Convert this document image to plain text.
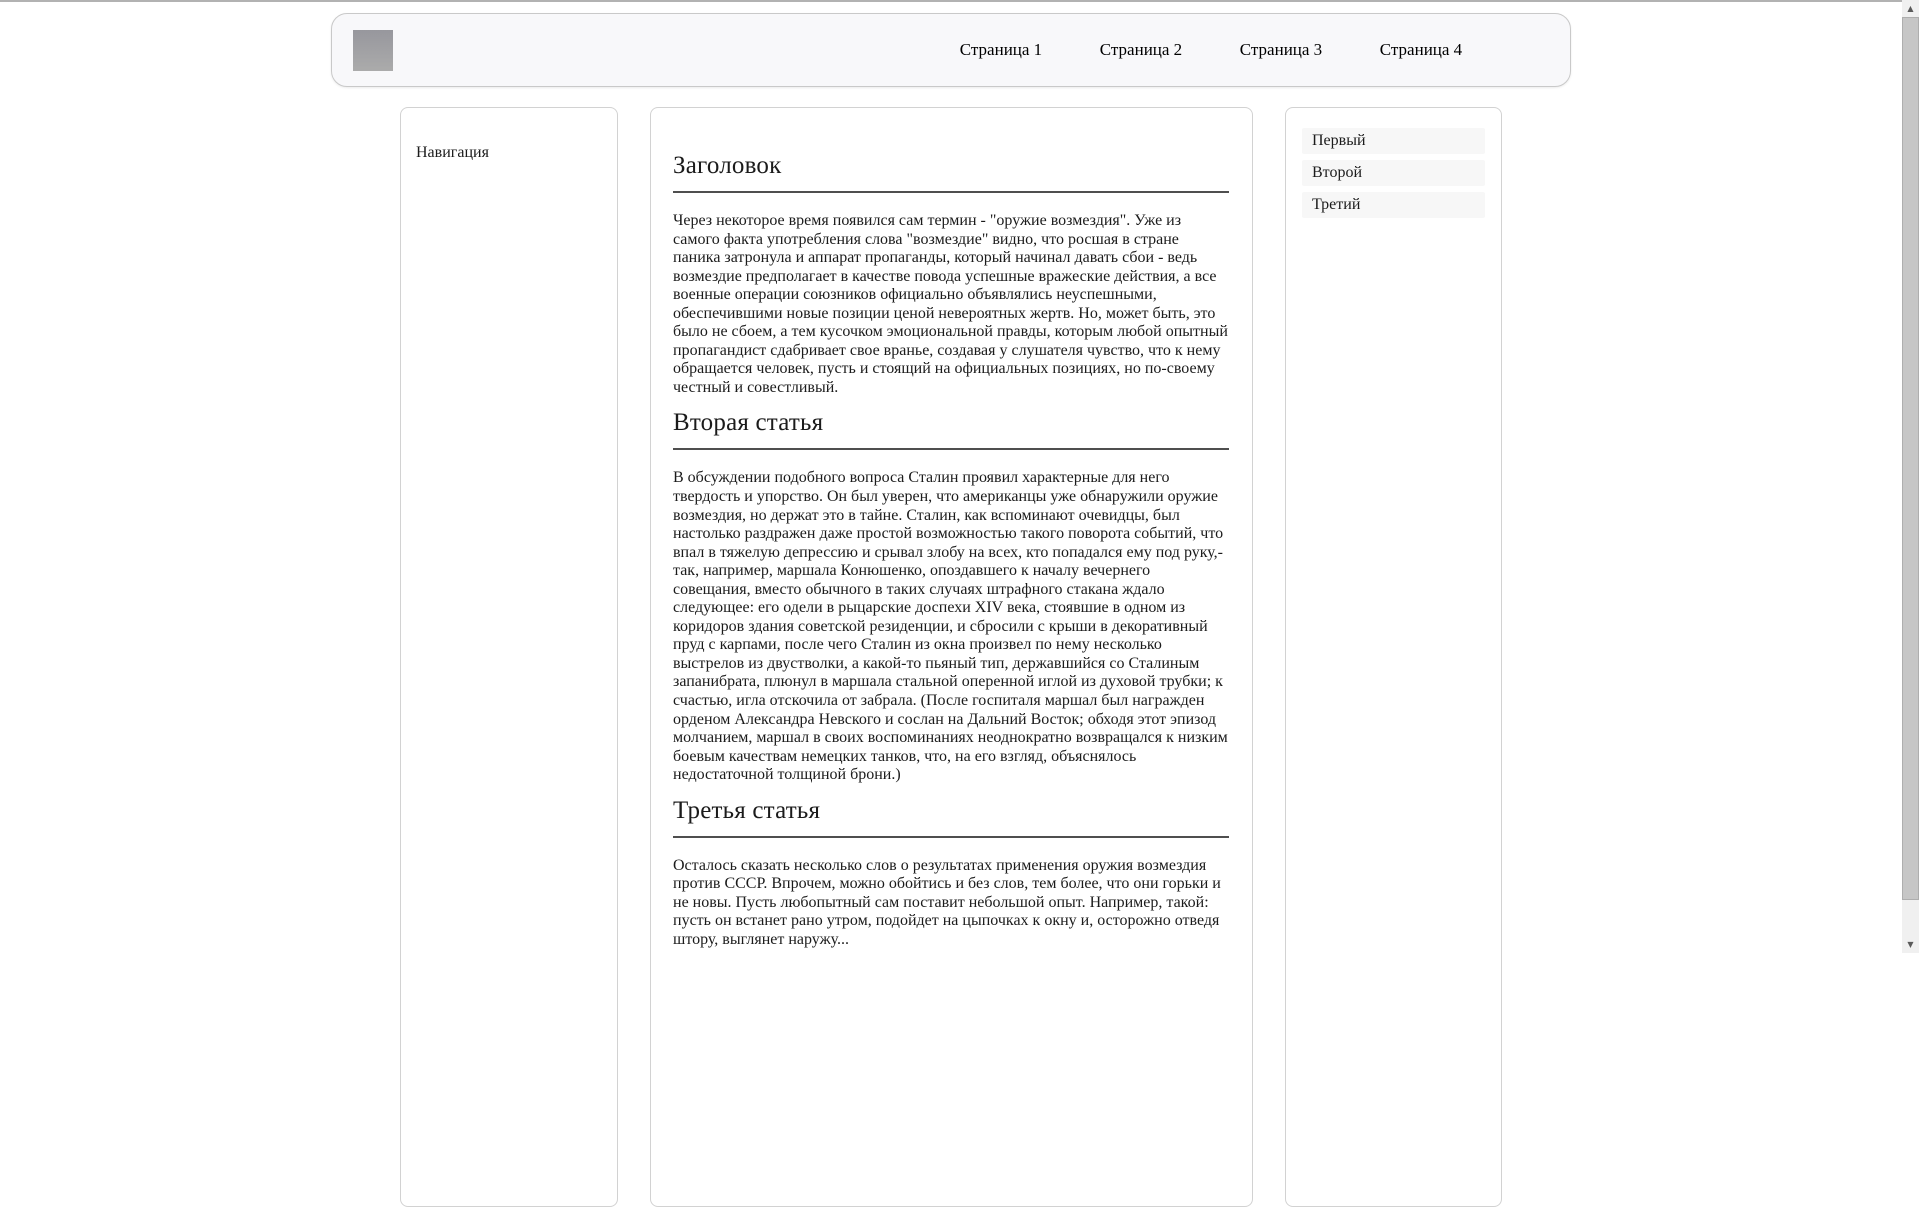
Страница 1	Страница 2	Страница 3	Страница 4
Навигация	Заголовок

Через некоторое время появился сам термин - "оружие возмездия". Уже из самого факта употребления слова "возмездие" видно, что росшая в стране паника затронула и аппарат пропаганды, который начинал давать сбои - ведь возмездие предполагает в качестве повода успешные вражеские действия, а все военные операции союзников официально объявлялись неуспешными, обеспечившими новые позиции ценой невероятных жертв. Но, может быть, это было не сбоем, а тем кусочком эмоциональной правды, которым любой опытный пропагандист сдабривает свое вранье, создавая у слушателя чувство, что к нему обращается человек, пусть и стоящий на официальных позициях, но по-своему честный и совестливый.

Вторая статья

В обсуждении подобного вопроса Сталин проявил характерные для него твердость и упорство. Он был уверен, что американцы уже обнаружили оружие возмездия, но держат это в тайне. Сталин, как вспоминают очевидцы, был настолько раздражен даже простой возможностью такого поворота событий, что впал в тяжелую депрессию и срывал злобу на всех, кто попадался ему под руку,- так, например, маршала Конюшенко, опоздавшего к началу вечернего совещания, вместо обычного в таких случаях штрафного стакана ждало следующее: его одели в рыцарские доспехи XIV века, стоявшие в одном из коридоров здания советской резиденции, и сбросили с крыши в декоративный пруд с карпами, после чего Сталин из окна произвел по нему несколько выстрелов из двустволки, а какой-то пьяный тип, державшийся со Сталиным запанибрата, плюнул в маршала стальной оперенной иглой из духовой трубки; к счастью, игла отскочила от забрала. (После госпиталя маршал был награжден орденом Александра Невского и сослан на Дальний Восток; обходя этот эпизод молчанием, маршал в своих воспоминаниях неоднократно возвращался к низким боевым качествам немецких танков, что, на его взгляд, объяснялось недостаточной толщиной брони.)

Третья статья

Осталось сказать несколько слов о результатах применения оружия возмездия против СССР. Впрочем, можно обойтись и без слов, тем более, что они горьки и не новы. Пусть любопытный сам поставит небольшой опыт. Например, такой: пусть он встанет рано утром, подойдет на цыпочках к окну и, осторожно отведя штору, выглянет наружу...

Первый
Второй
Третий
▲
▼
